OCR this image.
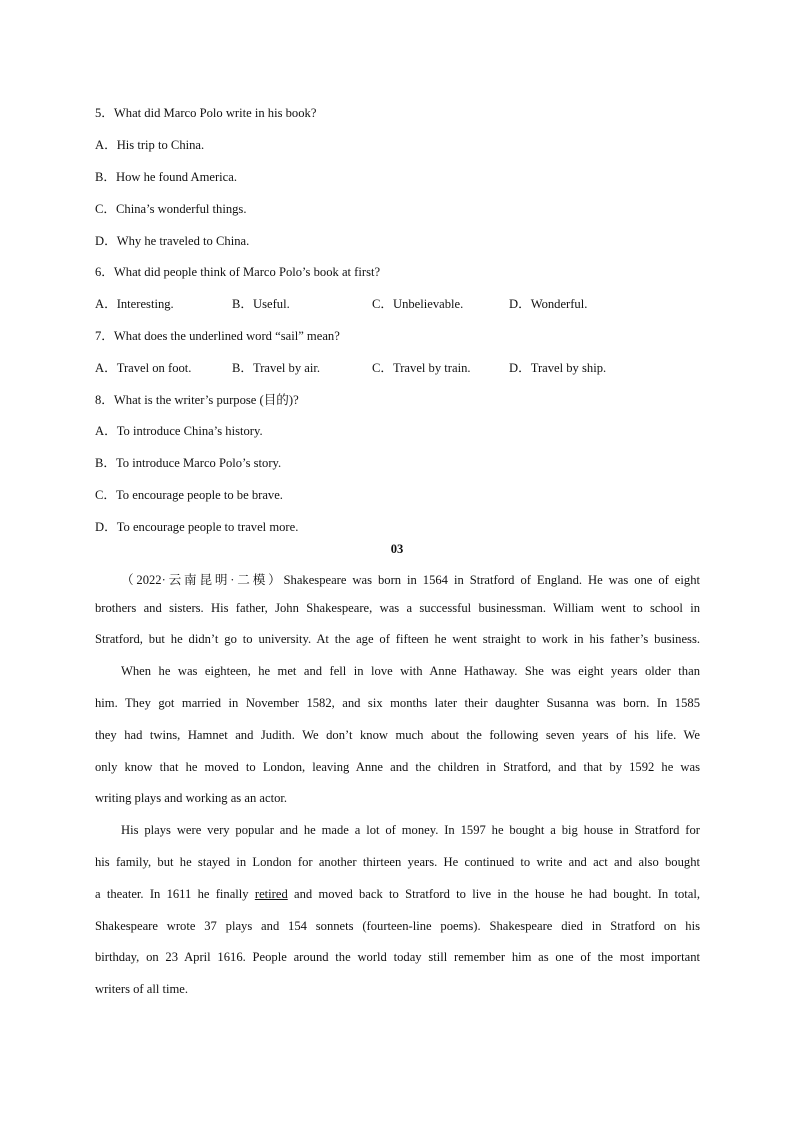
5．What did Marco Polo write in his book?
A．His trip to China.
B．How he found America.
C．China’s wonderful things.
D．Why he traveled to China.
6．What did people think of Marco Polo’s book at first?
A．Interesting.	B．Useful.	C．Unbelievable.	D．Wonderful.
7．What does the underlined word “sail” mean?
A．Travel on foot.	B．Travel by air.	C．Travel by train.	D．Travel by ship.
8．What is the writer’s purpose (目的)?
A．To introduce China’s history.
B．To introduce Marco Polo’s story.
C．To encourage people to be brave.
D．To encourage people to travel more.
03
（2022·云南昆明·二模）Shakespeare was born in 1564 in Stratford of England. He was one of eight
brothers and sisters. His father, John Shakespeare, was a successful businessman. William went to school in
Stratford, but he didn’t go to university. At the age of fifteen he went straight to work in his father’s business.
When he was eighteen, he met and fell in love with Anne Hathaway. She was eight years older than
him. They got married in November 1582, and six months later their daughter Susanna was born. In 1585
they had twins, Hamnet and Judith. We don’t know much about the following seven years of his life. We
only know that he moved to London, leaving Anne and the children in Stratford, and that by 1592 he was
writing plays and working as an actor.
His plays were very popular and he made a lot of money. In 1597 he bought a big house in Stratford for
his family, but he stayed in London for another thirteen years. He continued to write and act and also bought
a theater. In 1611 he finally retired and moved back to Stratford to live in the house he had bought. In total,
Shakespeare wrote 37 plays and 154 sonnets (fourteen-line poems). Shakespeare died in Stratford on his
birthday, on 23 April 1616. People around the world today still remember him as one of the most important
writers of all time.
